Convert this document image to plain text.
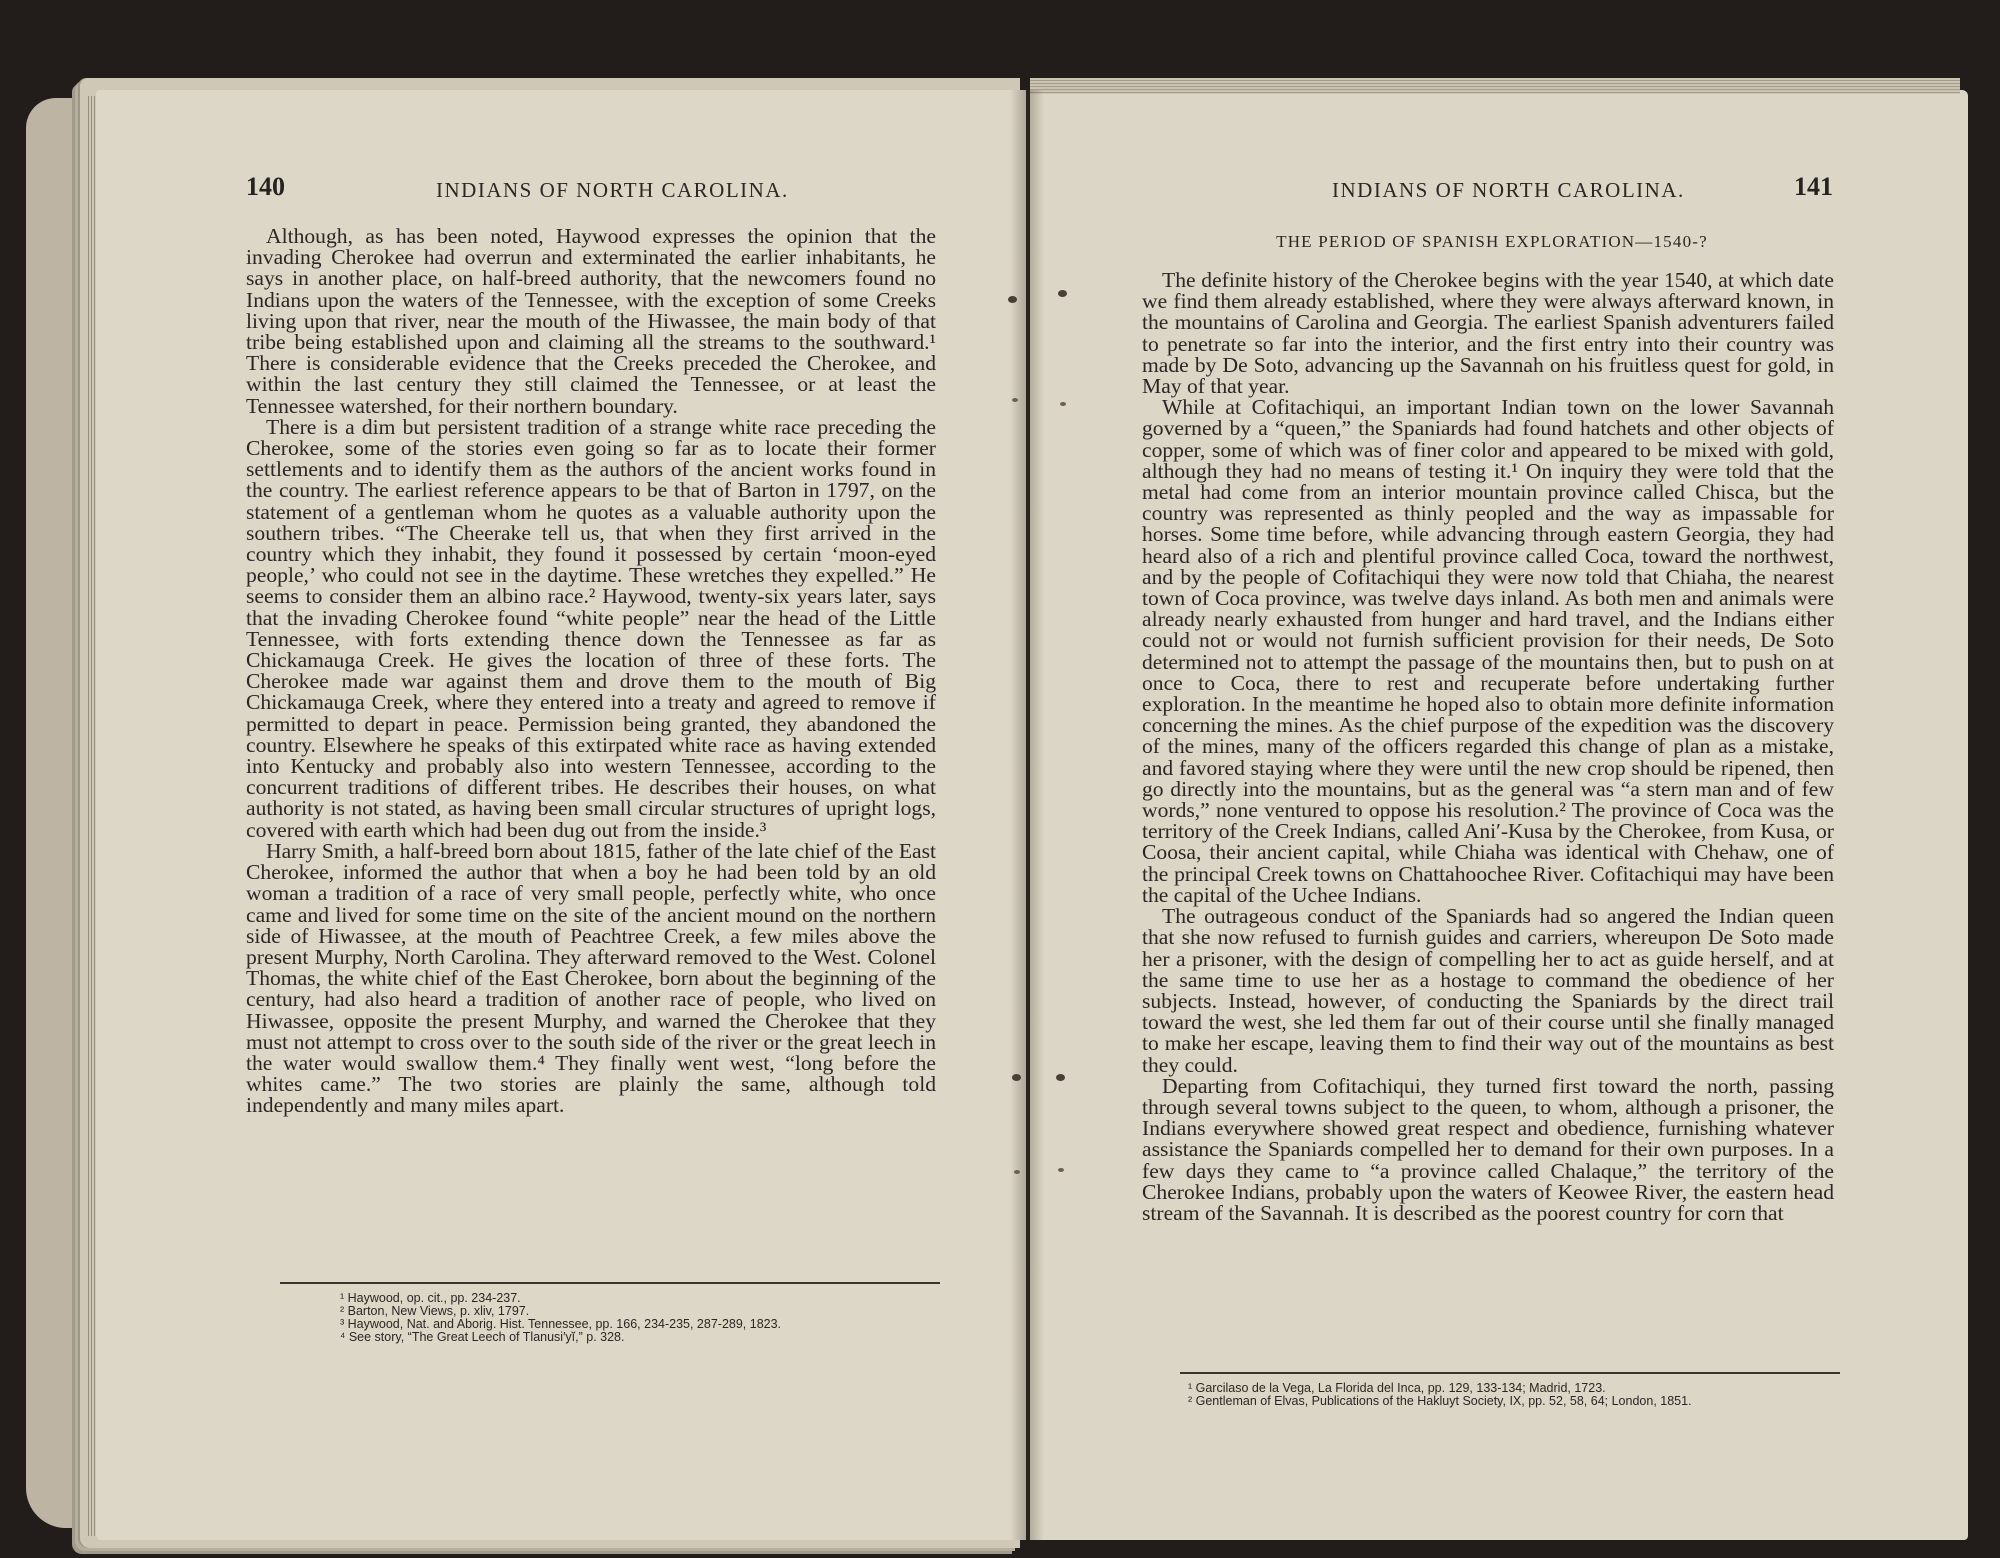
140	INDIANS OF NORTH CAROLINA.

Although, as has been noted, Haywood expresses the opinion that the invading Cherokee had overrun and exterminated the earlier inhabitants, he says in another place, on half-breed authority, that the newcomers found no Indians upon the waters of the Tennessee, with the exception of some Creeks living upon that river, near the mouth of the Hiwassee, the main body of that tribe being established upon and claiming all the streams to the southward.¹ There is considerable evidence that the Creeks preceded the Cherokee, and within the last century they still claimed the Tennessee, or at least the Tennessee watershed, for their northern boundary.

There is a dim but persistent tradition of a strange white race preceding the Cherokee, some of the stories even going so far as to locate their former settlements and to identify them as the authors of the ancient works found in the country. The earliest reference appears to be that of Barton in 1797, on the statement of a gentleman whom he quotes as a valuable authority upon the southern tribes. “The Cheerake tell us, that when they first arrived in the country which they inhabit, they found it possessed by certain ‘moon-eyed people,’ who could not see in the daytime. These wretches they expelled.” He seems to consider them an albino race.² Haywood, twenty-six years later, says that the invading Cherokee found “white people” near the head of the Little Tennessee, with forts extending thence down the Tennessee as far as Chickamauga Creek. He gives the location of three of these forts. The Cherokee made war against them and drove them to the mouth of Big Chickamauga Creek, where they entered into a treaty and agreed to remove if permitted to depart in peace. Permission being granted, they abandoned the country. Elsewhere he speaks of this extirpated white race as having extended into Kentucky and probably also into western Tennessee, according to the concurrent traditions of different tribes. He describes their houses, on what authority is not stated, as having been small circular structures of upright logs, covered with earth which had been dug out from the inside.³

Harry Smith, a half-breed born about 1815, father of the late chief of the East Cherokee, informed the author that when a boy he had been told by an old woman a tradition of a race of very small people, perfectly white, who once came and lived for some time on the site of the ancient mound on the northern side of Hiwassee, at the mouth of Peachtree Creek, a few miles above the present Murphy, North Carolina. They afterward removed to the West. Colonel Thomas, the white chief of the East Cherokee, born about the beginning of the century, had also heard a tradition of another race of people, who lived on Hiwassee, opposite the present Murphy, and warned the Cherokee that they must not attempt to cross over to the south side of the river or the great leech in the water would swallow them.⁴ They finally went west, “long before the whites came.” The two stories are plainly the same, although told independently and many miles apart.

¹ Haywood, op. cit., pp. 234-237.
² Barton, New Views, p. xliv, 1797.
³ Haywood, Nat. and Aborig. Hist. Tennessee, pp. 166, 234-235, 287-289, 1823.
⁴ See story, “The Great Leech of Tlanusi′yĭ,” p. 328.
INDIANS OF NORTH CAROLINA.	141
THE PERIOD OF SPANISH EXPLORATION—1540-?

The definite history of the Cherokee begins with the year 1540, at which date we find them already established, where they were always afterward known, in the mountains of Carolina and Georgia. The earliest Spanish adventurers failed to penetrate so far into the interior, and the first entry into their country was made by De Soto, advancing up the Savannah on his fruitless quest for gold, in May of that year.

While at Cofitachiqui, an important Indian town on the lower Savannah governed by a “queen,” the Spaniards had found hatchets and other objects of copper, some of which was of finer color and appeared to be mixed with gold, although they had no means of testing it.¹ On inquiry they were told that the metal had come from an interior mountain province called Chisca, but the country was represented as thinly peopled and the way as impassable for horses. Some time before, while advancing through eastern Georgia, they had heard also of a rich and plentiful province called Coca, toward the northwest, and by the people of Cofitachiqui they were now told that Chiaha, the nearest town of Coca province, was twelve days inland. As both men and animals were already nearly exhausted from hunger and hard travel, and the Indians either could not or would not furnish sufficient provision for their needs, De Soto determined not to attempt the passage of the mountains then, but to push on at once to Coca, there to rest and recuperate before undertaking further exploration. In the meantime he hoped also to obtain more definite information concerning the mines. As the chief purpose of the expedition was the discovery of the mines, many of the officers regarded this change of plan as a mistake, and favored staying where they were until the new crop should be ripened, then go directly into the mountains, but as the general was “a stern man and of few words,” none ventured to oppose his resolution.² The province of Coca was the territory of the Creek Indians, called Ani′-Kusa by the Cherokee, from Kusa, or Coosa, their ancient capital, while Chiaha was identical with Chehaw, one of the principal Creek towns on Chattahoochee River. Cofitachiqui may have been the capital of the Uchee Indians.

The outrageous conduct of the Spaniards had so angered the Indian queen that she now refused to furnish guides and carriers, whereupon De Soto made her a prisoner, with the design of compelling her to act as guide herself, and at the same time to use her as a hostage to command the obedience of her subjects. Instead, however, of conducting the Spaniards by the direct trail toward the west, she led them far out of their course until she finally managed to make her escape, leaving them to find their way out of the mountains as best they could.

Departing from Cofitachiqui, they turned first toward the north, passing through several towns subject to the queen, to whom, although a prisoner, the Indians everywhere showed great respect and obedience, furnishing whatever assistance the Spaniards compelled her to demand for their own purposes. In a few days they came to “a province called Chalaque,” the territory of the Cherokee Indians, probably upon the waters of Keowee River, the eastern head stream of the Savannah. It is described as the poorest country for corn that

¹ Garcilaso de la Vega, La Florida del Inca, pp. 129, 133-134; Madrid, 1723.
² Gentleman of Elvas, Publications of the Hakluyt Society, IX, pp. 52, 58, 64; London, 1851.
